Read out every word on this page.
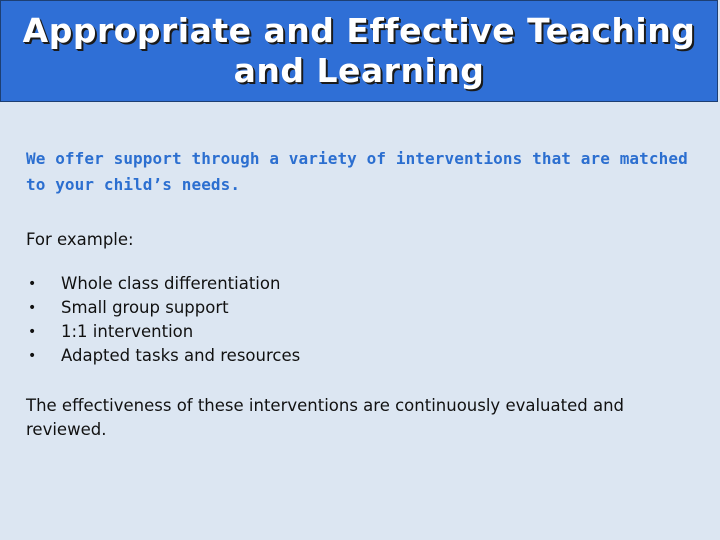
Appropriate and Effective Teaching and Learning

We offer support through a variety of interventions that are matched to your child’s needs.

For example:

•	Whole class differentiation
•	Small group support
•	1:1 intervention
•	Adapted tasks and resources

The effectiveness of these interventions are continuously evaluated and reviewed.
